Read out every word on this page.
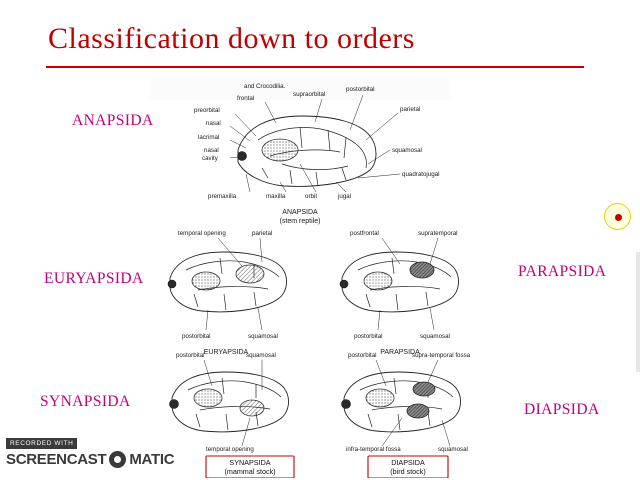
Classification down to orders
ANAPSIDA
EURYAPSIDA
SYNAPSIDA
PARAPSIDA
DIAPSIDA
and Crocodilia.
frontal
supraorbital
postorbital
preorbital
nasal
lacrimal
nasal
cavity
parietal
squamosal
quadratojugal
premaxilla	maxilla	orbit	jugal
ANAPSIDA
(stem reptile)
temporal opening	parietal
postorbital	squamosal
EURYAPSIDA
postfrontal	supratemporal
postorbital	squamosal
PARAPSIDA
postorbital	squamosal
temporal opening
SYNAPSIDA
(mammal stock)
postorbital	supra-temporal fossa
infra-temporal fossa	squamosal
DIAPSIDA
(bird stock)
RECORDED WITH
SCREENCAST MATIC
